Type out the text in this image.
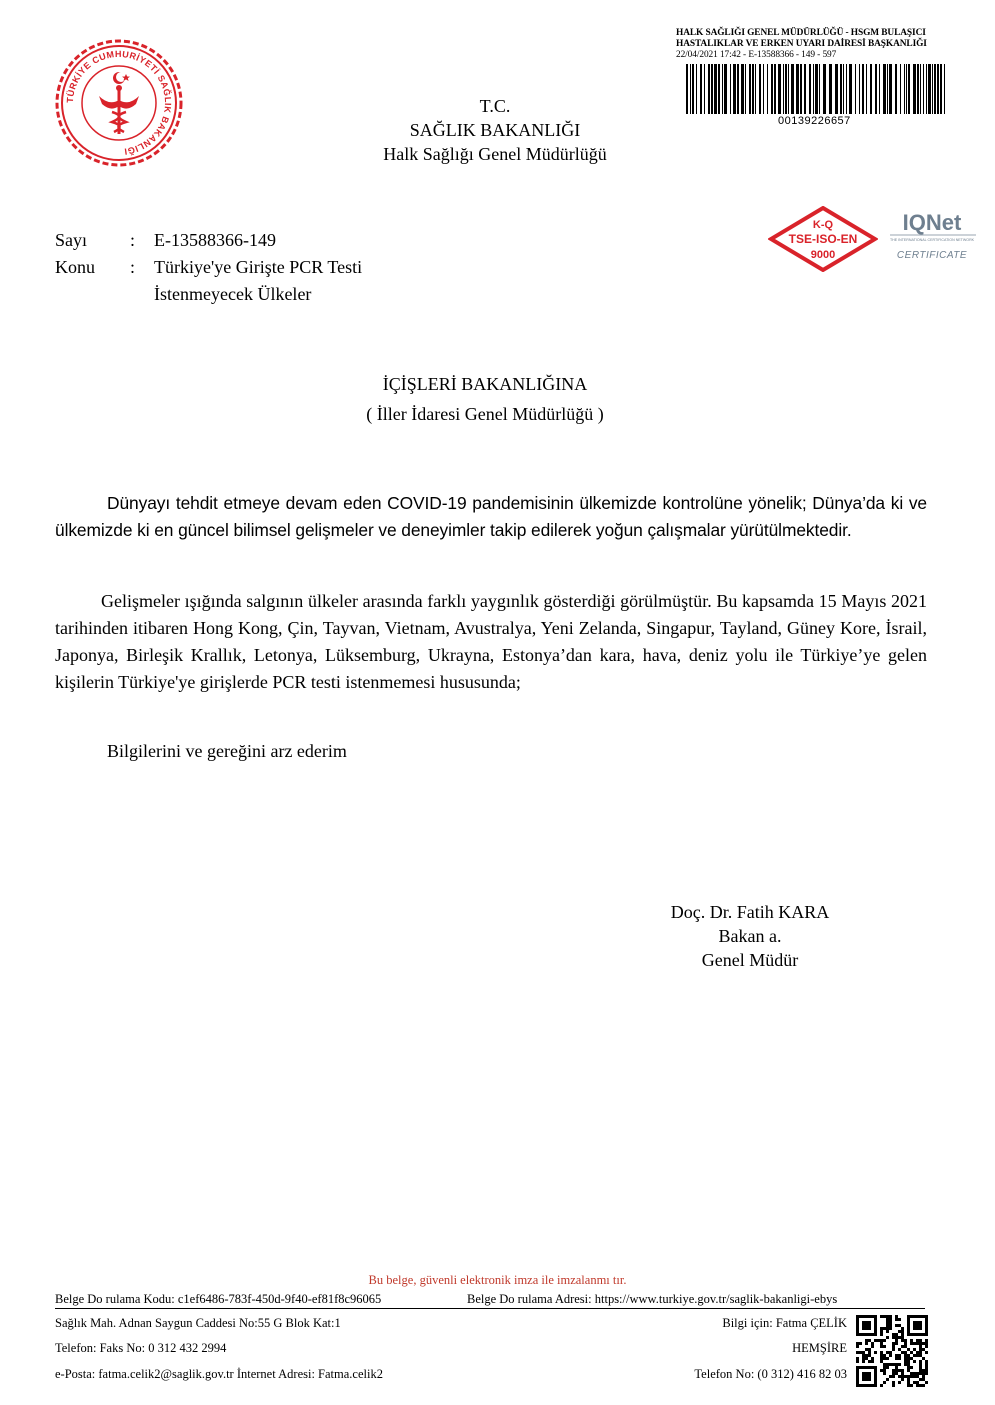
TÜRKİYE CUMHURİYETİ SAĞLIK BAKANLIĞI
HALK SAĞLIĞI GENEL MÜDÜRLÜĞÜ - HSGM BULAŞICI
HASTALIKLAR VE ERKEN UYARI DAİRESİ BAŞKANLIĞI
22/04/2021 17:42 - E-13588366 - 149 - 597
00139226657
T.C.
SAĞLIK BAKANLIĞI
Halk Sağlığı Genel Müdürlüğü
K-Q
TSE-ISO-EN
9000
IQNet
THE INTERNATIONAL CERTIFICATION NETWORK
CERTIFICATE
Sayı : E-13588366-149
Konu : Türkiye'ye Girişte PCR Testi
İstenmeyecek Ülkeler
İÇİŞLERİ BAKANLIĞINA
( İller İdaresi Genel Müdürlüğü )
Dünyayı tehdit etmeye devam eden COVID-19 pandemisinin ülkemizde kontrolüne yönelik; Dünya’da ki ve ülkemizde ki en güncel bilimsel gelişmeler ve deneyimler takip edilerek yoğun çalışmalar yürütülmektedir.
Gelişmeler ışığında salgının ülkeler arasında farklı yaygınlık gösterdiği görülmüştür. Bu kapsamda 15 Mayıs 2021 tarihinden itibaren Hong Kong, Çin, Tayvan, Vietnam, Avustralya, Yeni Zelanda, Singapur, Tayland, Güney Kore, İsrail, Japonya, Birleşik Krallık, Letonya, Lüksemburg, Ukrayna, Estonya’dan kara, hava, deniz yolu ile Türkiye’ye gelen kişilerin Türkiye'ye girişlerde PCR testi istenmemesi hususunda;
Bilgilerini ve gereğini arz ederim
Doç. Dr. Fatih KARA
Bakan a.
Genel Müdür
Bu belge, güvenli elektronik imza ile imzalanmı tır.
Belge Do rulama Kodu: c1ef6486-783f-450d-9f40-ef81f8c96065	Belge Do rulama Adresi: https://www.turkiye.gov.tr/saglik-bakanligi-ebys
Sağlık Mah. Adnan Saygun Caddesi No:55 G Blok Kat:1
Telefon: Faks No: 0 312 432 2994
e-Posta: fatma.celik2@saglik.gov.tr İnternet Adresi: Fatma.celik2
Bilgi için: Fatma ÇELİK
HEMŞİRE
Telefon No: (0 312) 416 82 03
